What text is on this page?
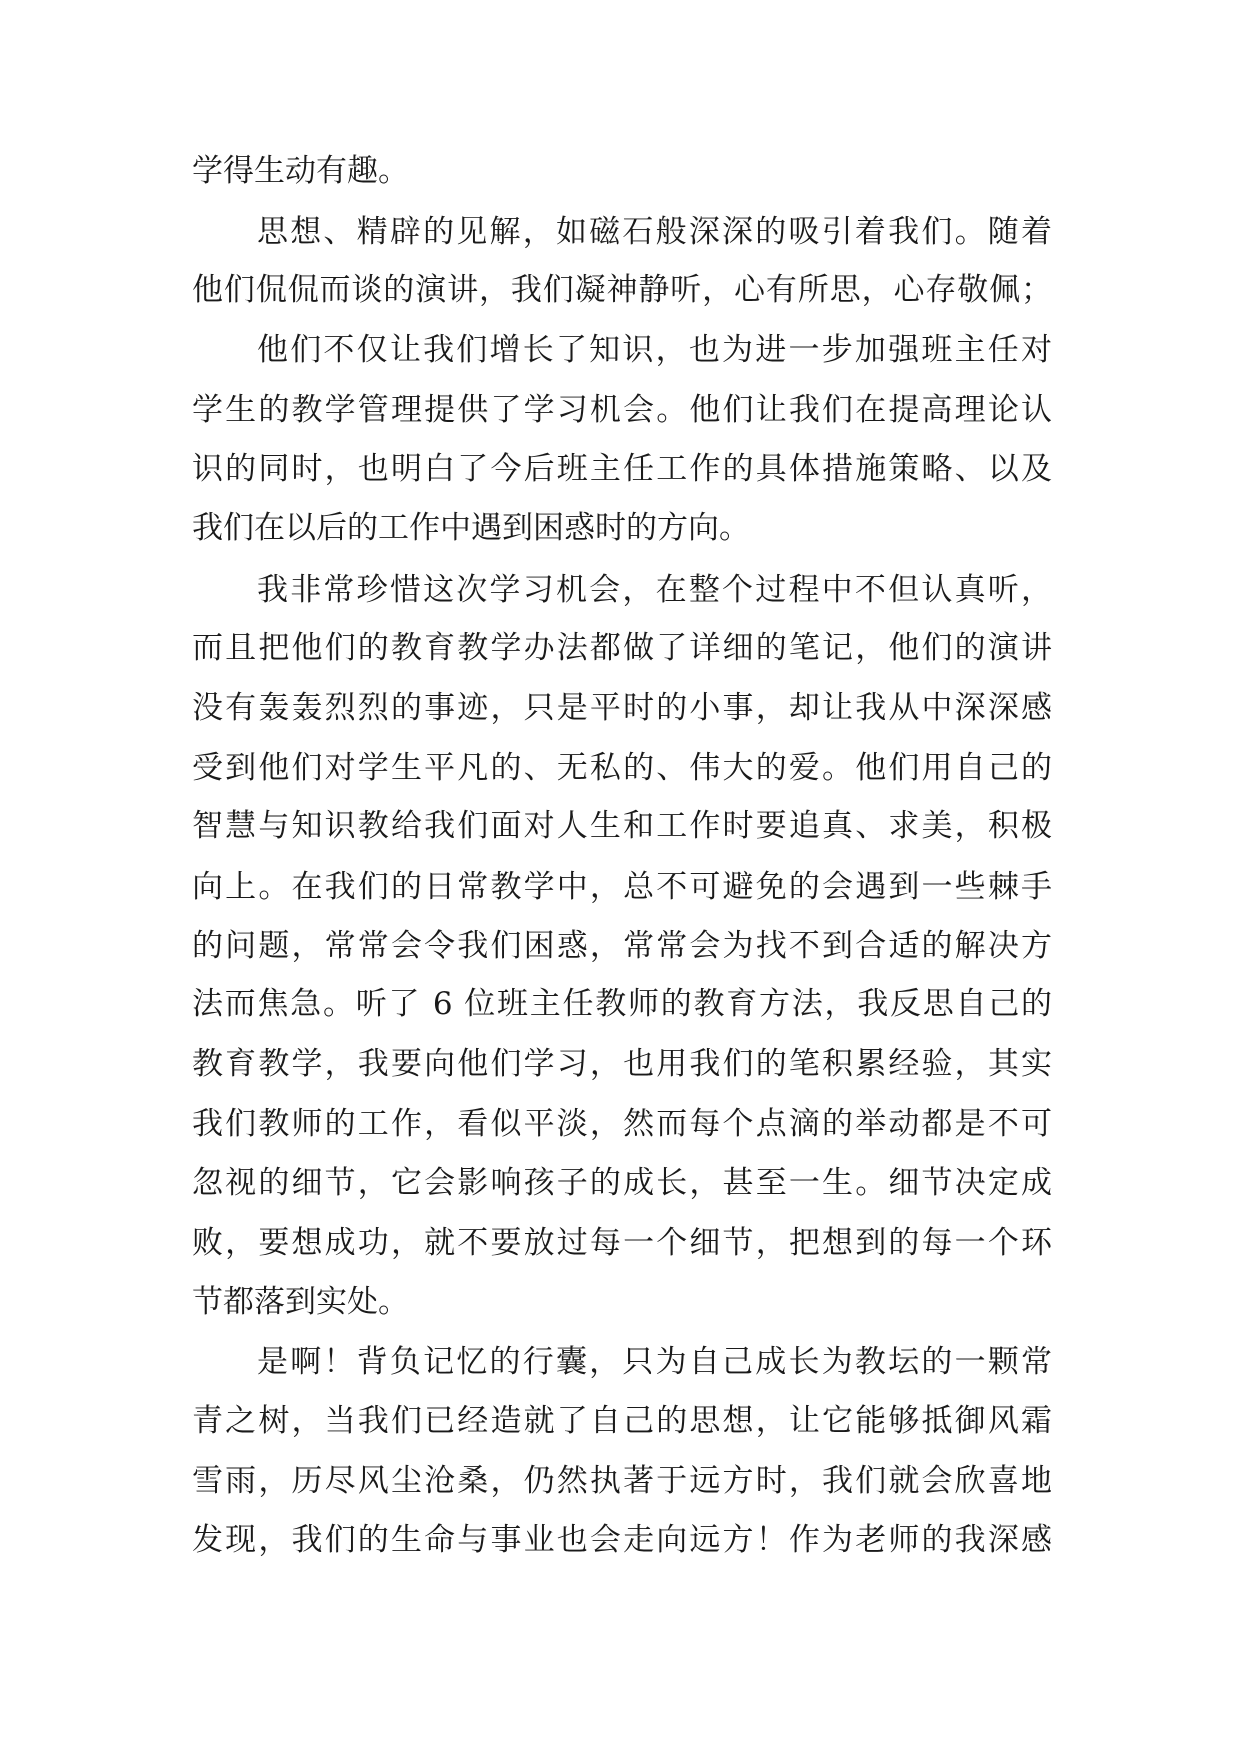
学得生动有趣。
思想、精辟的见解，如磁石般深深的吸引着我们。随着
他们侃侃而谈的演讲，我们凝神静听，心有所思，心存敬佩；
他们不仅让我们增长了知识，也为进一步加强班主任对
学生的教学管理提供了学习机会。他们让我们在提高理论认
识的同时，也明白了今后班主任工作的具体措施策略、以及
我们在以后的工作中遇到困惑时的方向。
我非常珍惜这次学习机会，在整个过程中不但认真听，
而且把他们的教育教学办法都做了详细的笔记，他们的演讲
没有轰轰烈烈的事迹，只是平时的小事，却让我从中深深感
受到他们对学生平凡的、无私的、伟大的爱。他们用自己的
智慧与知识教给我们面对人生和工作时要追真、求美，积极
向上。在我们的日常教学中，总不可避免的会遇到一些棘手
的问题，常常会令我们困惑，常常会为找不到合适的解决方
法而焦急。听了 6 位班主任教师的教育方法，我反思自己的
教育教学，我要向他们学习，也用我们的笔积累经验，其实
我们教师的工作，看似平淡，然而每个点滴的举动都是不可
忽视的细节，它会影响孩子的成长，甚至一生。细节决定成
败，要想成功，就不要放过每一个细节，把想到的每一个环
节都落到实处。
是啊！背负记忆的行囊，只为自己成长为教坛的一颗常
青之树，当我们已经造就了自己的思想，让它能够抵御风霜
雪雨，历尽风尘沧桑，仍然执著于远方时，我们就会欣喜地
发现，我们的生命与事业也会走向远方！作为老师的我深感
